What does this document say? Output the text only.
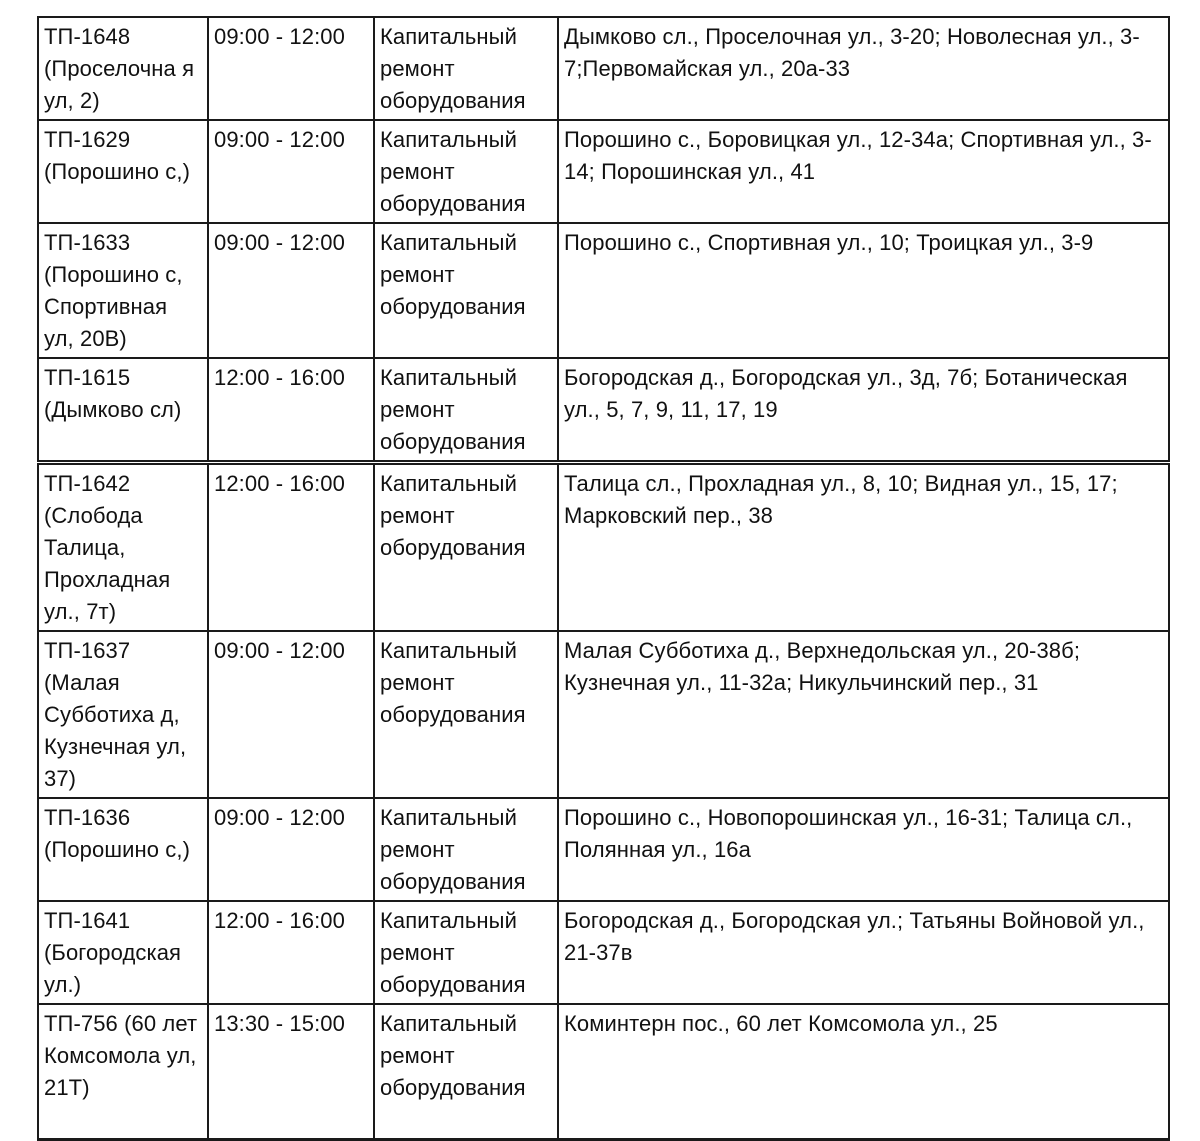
ТП-1648 (Проселочна я ул, 2)	09:00 - 12:00	Капитальный ремонт оборудования	Дымково сл., Проселочная ул., 3-20; Новолесная ул., 3-7;Первомайская ул., 20а-33
ТП-1629 (Порошино с,)	09:00 - 12:00	Капитальный ремонт оборудования	Порошино с., Боровицкая ул., 12-34а; Спортивная ул., 3- 14; Порошинская ул., 41
ТП-1633 (Порошино с, Спортивная ул, 20В)	09:00 - 12:00	Капитальный ремонт оборудования	Порошино с., Спортивная ул., 10; Троицкая ул., 3-9
ТП-1615 (Дымково сл)	12:00 - 16:00	Капитальный ремонт оборудования	Богородская д., Богородская ул., 3д, 7б; Ботаническая ул., 5, 7, 9, 11, 17, 19
ТП-1642 (Слобода Талица, Прохладная ул., 7т)	12:00 - 16:00	Капитальный ремонт оборудования	Талица сл., Прохладная ул., 8, 10; Видная ул., 15, 17; Марковский пер., 38
ТП-1637 (Малая Субботиха д, Кузнечная ул, 37)	09:00 - 12:00	Капитальный ремонт оборудования	Малая Субботиха д., Верхнедольская ул., 20-38б; Кузнечная ул., 11-32а; Никульчинский пер., 31
ТП-1636 (Порошино с,)	09:00 - 12:00	Капитальный ремонт оборудования	Порошино с., Новопорошинская ул., 16-31; Талица сл., Полянная ул., 16а
ТП-1641 (Богородская ул.)	12:00 - 16:00	Капитальный ремонт оборудования	Богородская д., Богородская ул.; Татьяны Войновой ул., 21-37в
ТП-756 (60 лет Комсомола ул, 21Т)	13:30 - 15:00	Капитальный ремонт оборудования	Коминтерн пос., 60 лет Комсомола ул., 25
